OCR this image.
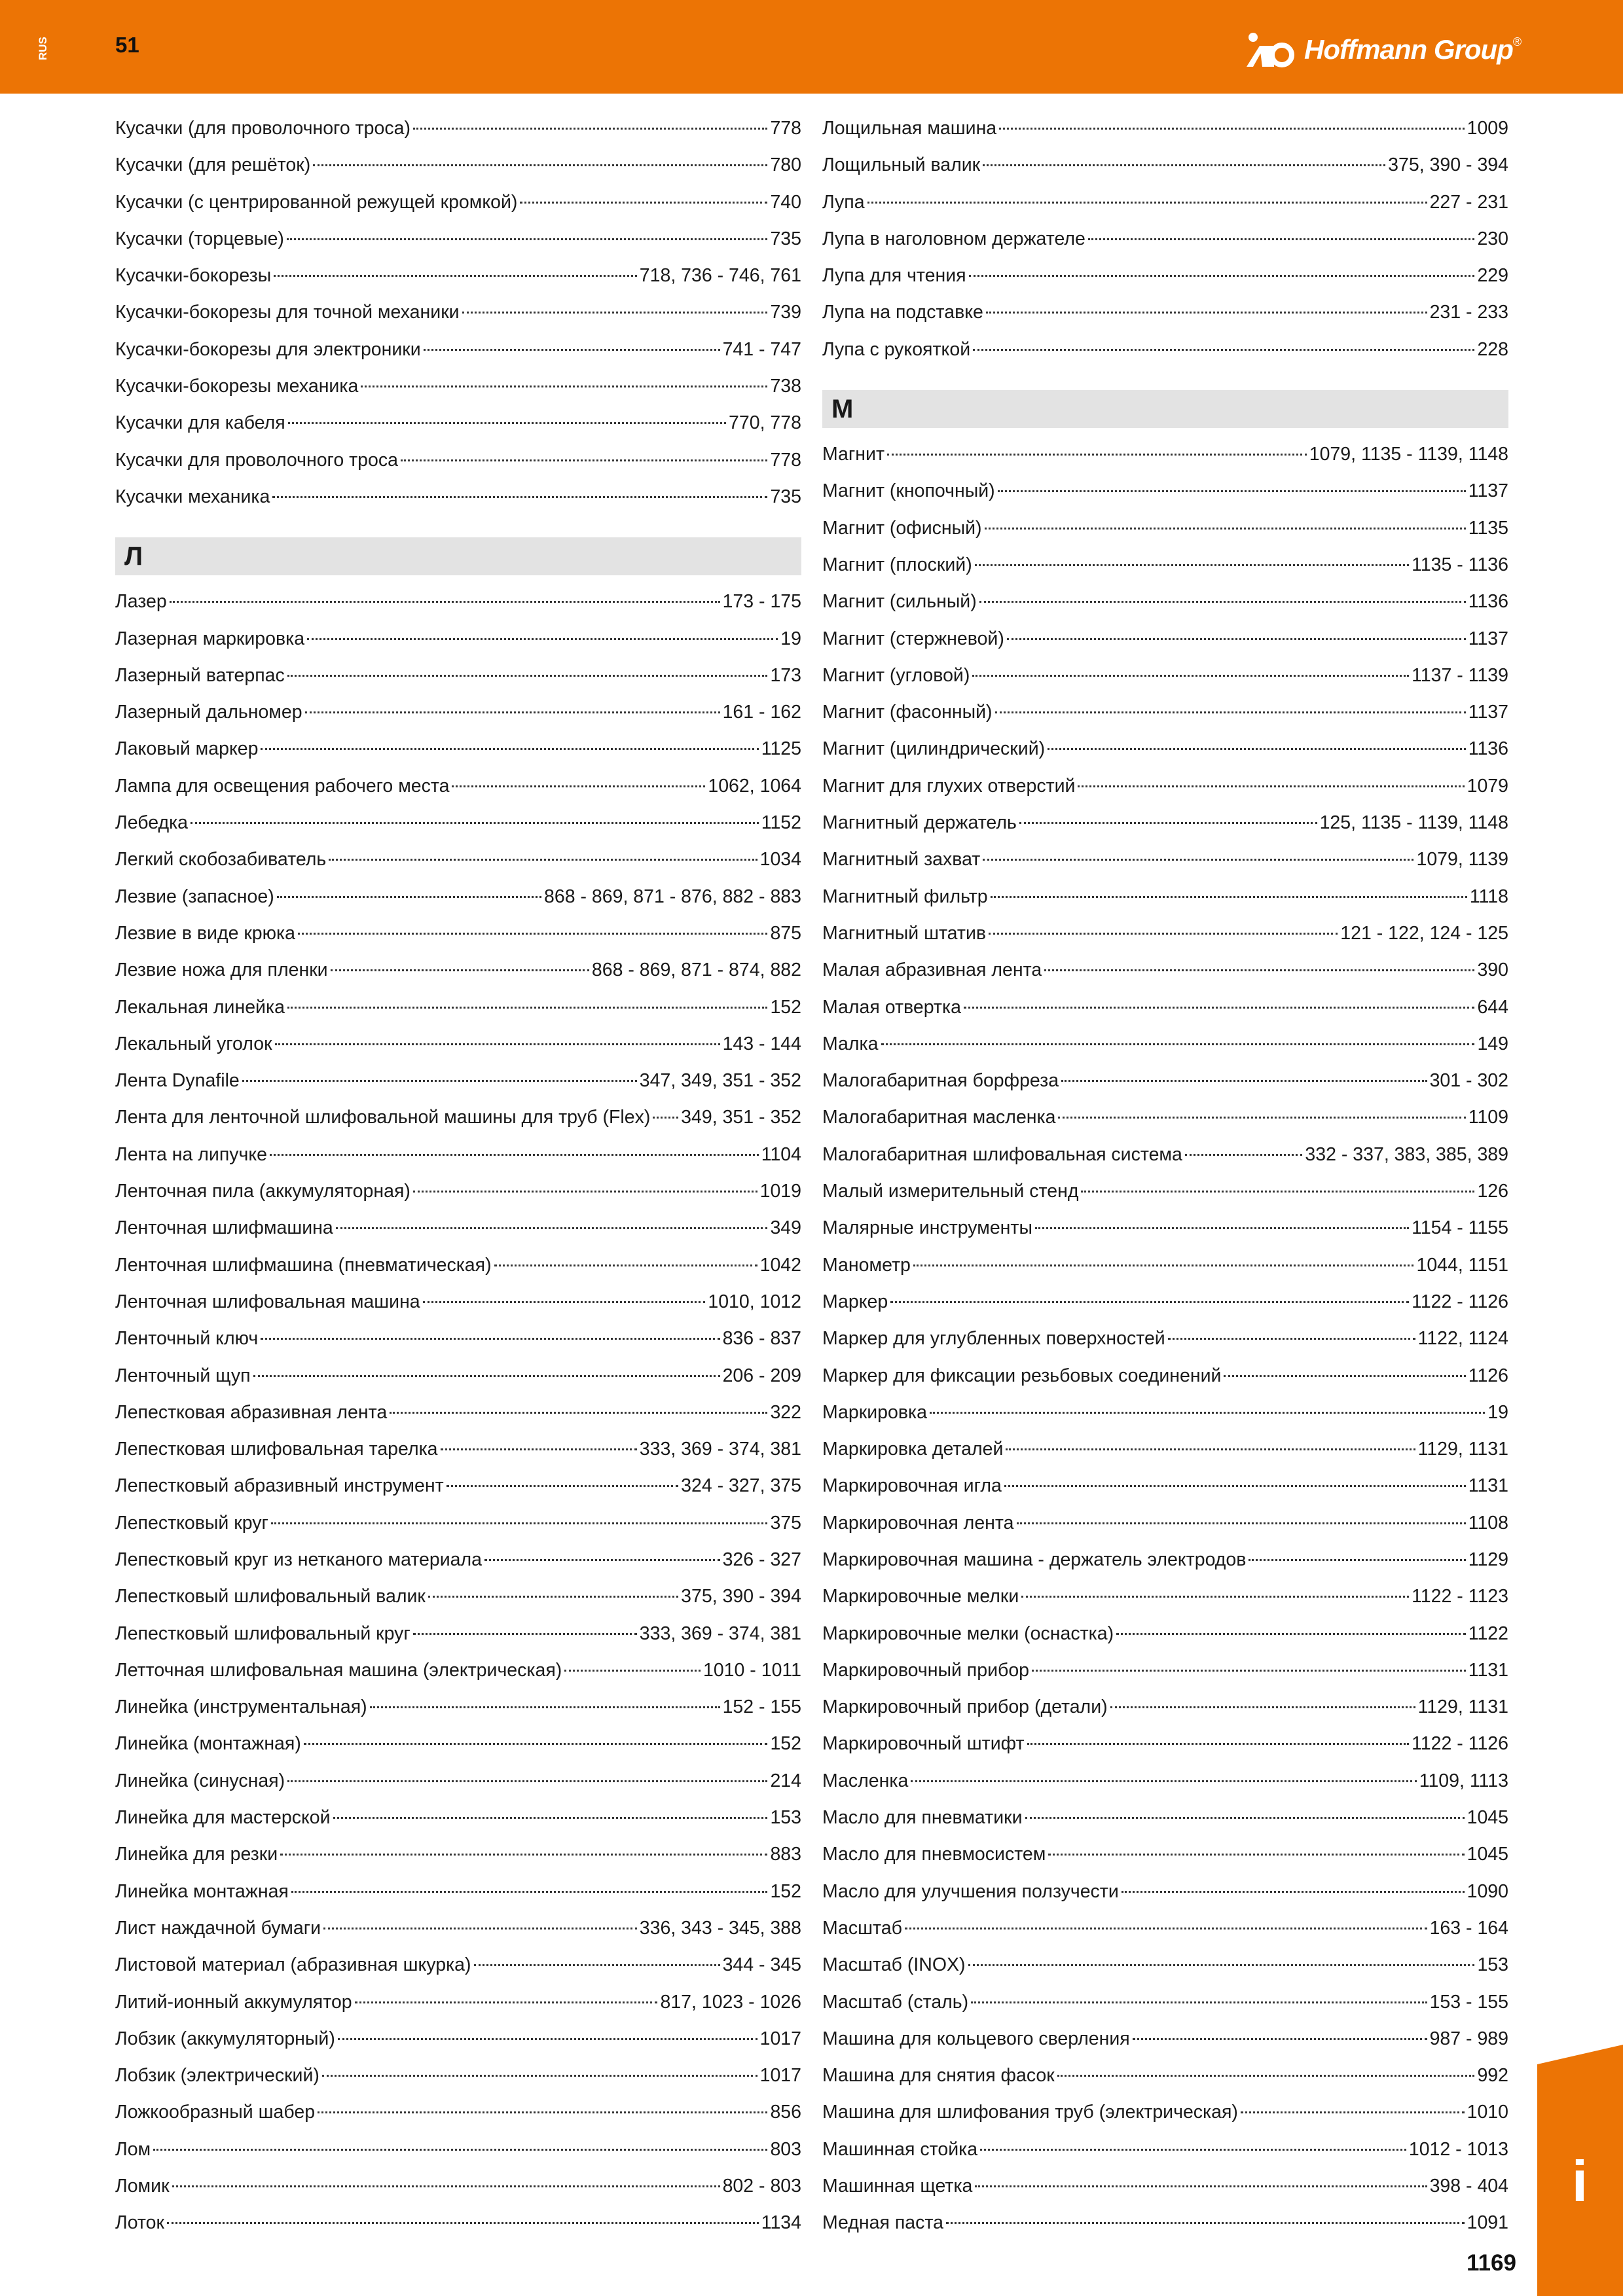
RUS	51	Hoffmann Group ®
Кусачки (для проволочного троса)	778
Кусачки (для решёток)	780
Кусачки (с центрированной режущей кромкой)	740
Кусачки (торцевые)	735
Кусачки-бокорезы	718, 736 - 746, 761
Кусачки-бокорезы для точной механики	739
Кусачки-бокорезы для электроники	741 - 747
Кусачки-бокорезы механика	738
Кусачки для кабеля	770, 778
Кусачки для проволочного троса	778
Кусачки механика	735
Л
Лазер	173 - 175
Лазерная маркировка	19
Лазерный ватерпас	173
Лазерный дальномер	161 - 162
Лаковый маркер	1125
Лампа для освещения рабочего места	1062, 1064
Лебедка	1152
Легкий скобозабиватель	1034
Лезвие (запасное)	868 - 869, 871 - 876, 882 - 883
Лезвие в виде крюка	875
Лезвие ножа для пленки	868 - 869, 871 - 874, 882
Лекальная линейка	152
Лекальный уголок	143 - 144
Лента Dynafile	347, 349, 351 - 352
Лента для ленточной шлифовальной машины для труб (Flex) 349, 351 - 352
Лента на липучке	1104
Ленточная пила (аккумуляторная)	1019
Ленточная шлифмашина	349
Ленточная шлифмашина (пневматическая)	1042
Ленточная шлифовальная машина	1010, 1012
Ленточный ключ	836 - 837
Ленточный щуп	206 - 209
Лепестковая абразивная лента	322
Лепестковая шлифовальная тарелка	333, 369 - 374, 381
Лепестковый абразивный инструмент	324 - 327, 375
Лепестковый круг	375
Лепестковый круг из нетканого материала	326 - 327
Лепестковый шлифовальный валик	375, 390 - 394
Лепестковый шлифовальный круг	333, 369 - 374, 381
Летточная шлифовальная машина (электрическая)	1010 - 1011
Линейка (инструментальная)	152 - 155
Линейка (монтажная)	152
Линейка (синусная)	214
Линейка для мастерской	153
Линейка для резки	883
Линейка монтажная	152
Лист наждачной бумаги	336, 343 - 345, 388
Листовой материал (абразивная шкурка)	344 - 345
Литий-ионный аккумулятор	817, 1023 - 1026
Лобзик (аккумуляторный)	1017
Лобзик (электрический)	1017
Ложкообразный шабер	856
Лом	803
Ломик	802 - 803
Лоток	1134
Лощильная машина	1009
Лощильный валик	375, 390 - 394
Лупа	227 - 231
Лупа в наголовном держателе	230
Лупа для чтения	229
Лупа на подставке	231 - 233
Лупа с рукояткой	228
М
Магнит	1079, 1135 - 1139, 1148
Магнит (кнопочный)	1137
Магнит (офисный)	1135
Магнит (плоский)	1135 - 1136
Магнит (сильный)	1136
Магнит (стержневой)	1137
Магнит (угловой)	1137 - 1139
Магнит (фасонный)	1137
Магнит (цилиндрический)	1136
Магнит для глухих отверстий	1079
Магнитный держатель	125, 1135 - 1139, 1148
Магнитный захват	1079, 1139
Магнитный фильтр	1118
Магнитный штатив	121 - 122, 124 - 125
Малая абразивная лента	390
Малая отвертка	644
Малка	149
Малогабаритная борфреза	301 - 302
Малогабаритная масленка	1109
Малогабаритная шлифовальная система	332 - 337, 383, 385, 389
Малый измерительный стенд	126
Малярные инструменты	1154 - 1155
Манометр	1044, 1151
Маркер	1122 - 1126
Маркер для углубленных поверхностей	1122, 1124
Маркер для фиксации резьбовых соединений	1126
Маркировка	19
Маркировка деталей	1129, 1131
Маркировочная игла	1131
Маркировочная лента	1108
Маркировочная машина - держатель электродов	1129
Маркировочные мелки	1122 - 1123
Маркировочные мелки (оснастка)	1122
Маркировочный прибор	1131
Маркировочный прибор (детали)	1129, 1131
Маркировочный штифт	1122 - 1126
Масленка	1109, 1113
Масло для пневматики	1045
Масло для пневмосистем	1045
Масло для улучшения ползучести	1090
Масштаб	163 - 164
Масштаб (INOX)	153
Масштаб (сталь)	153 - 155
Машина для кольцевого сверления	987 - 989
Машина для снятия фасок	992
Машина для шлифования труб (электрическая)	1010
Машинная стойка	1012 - 1013
Машинная щетка	398 - 404
Медная паста	1091
i
1169
